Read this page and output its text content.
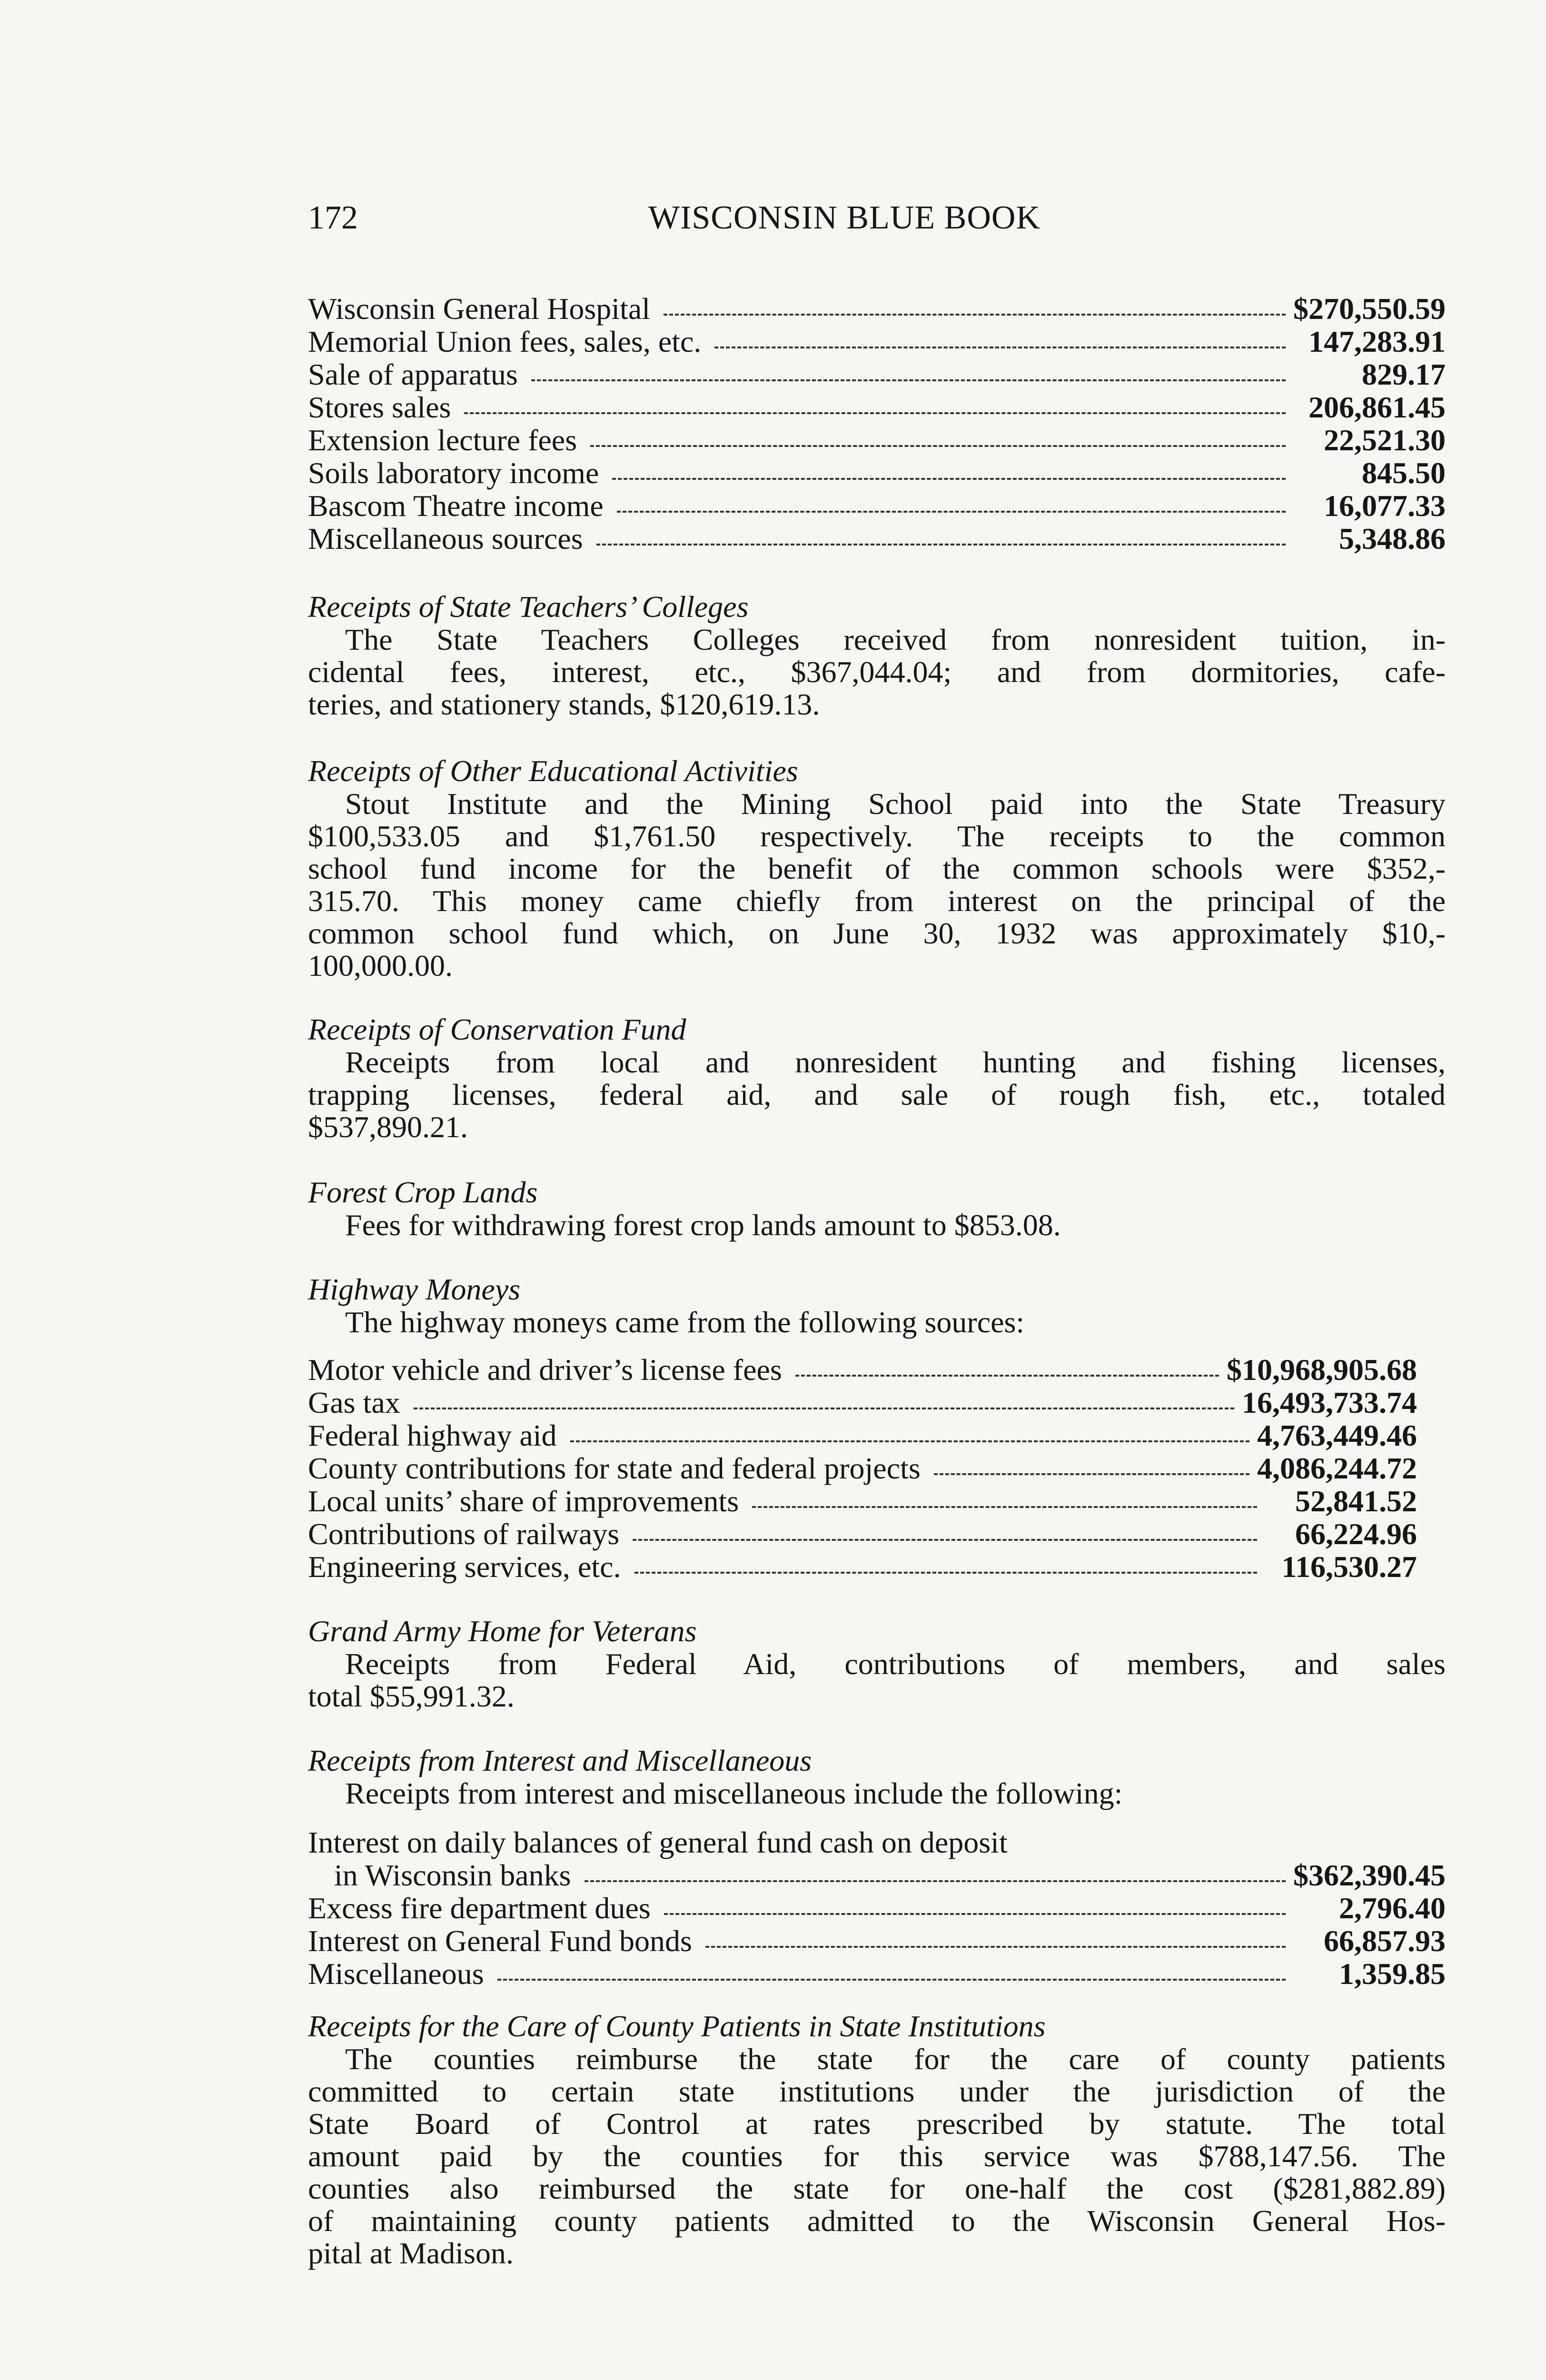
172	WISCONSIN BLUE BOOK
Wisconsin General Hospital	$270,550.59
Memorial Union fees, sales, etc.	147,283.91
Sale of apparatus	829.17
Stores sales	206,861.45
Extension lecture fees	22,521.30
Soils laboratory income	845.50
Bascom Theatre income	16,077.33
Miscellaneous sources	5,348.86
Receipts of State Teachers’ Colleges
The State Teachers Colleges received from nonresident tuition, in-
cidental fees, interest, etc., $367,044.04; and from dormitories, cafe-
teries, and stationery stands, $120,619.13.
Receipts of Other Educational Activities
Stout Institute and the Mining School paid into the State Treasury
$100,533.05 and $1,761.50 respectively. The receipts to the common
school fund income for the benefit of the common schools were $352,-
315.70. This money came chiefly from interest on the principal of the
common school fund which, on June 30, 1932 was approximately $10,-
100,000.00.
Receipts of Conservation Fund
Receipts from local and nonresident hunting and fishing licenses,
trapping licenses, federal aid, and sale of rough fish, etc., totaled
$537,890.21.
Forest Crop Lands
Fees for withdrawing forest crop lands amount to $853.08.
Highway Moneys
The highway moneys came from the following sources:
Motor vehicle and driver’s license fees	$10,968,905.68
Gas tax	16,493,733.74
Federal highway aid	4,763,449.46
County contributions for state and federal projects	4,086,244.72
Local units’ share of improvements	52,841.52
Contributions of railways	66,224.96
Engineering services, etc.	116,530.27
Grand Army Home for Veterans
Receipts from Federal Aid, contributions of members, and sales
total $55,991.32.
Receipts from Interest and Miscellaneous
Receipts from interest and miscellaneous include the following:
Interest on daily balances of general fund cash on deposit
in Wisconsin banks	$362,390.45
Excess fire department dues	2,796.40
Interest on General Fund bonds	66,857.93
Miscellaneous	1,359.85
Receipts for the Care of County Patients in State Institutions
The counties reimburse the state for the care of county patients
committed to certain state institutions under the jurisdiction of the
State Board of Control at rates prescribed by statute. The total
amount paid by the counties for this service was $788,147.56. The
counties also reimbursed the state for one-half the cost ($281,882.89)
of maintaining county patients admitted to the Wisconsin General Hos-
pital at Madison.
